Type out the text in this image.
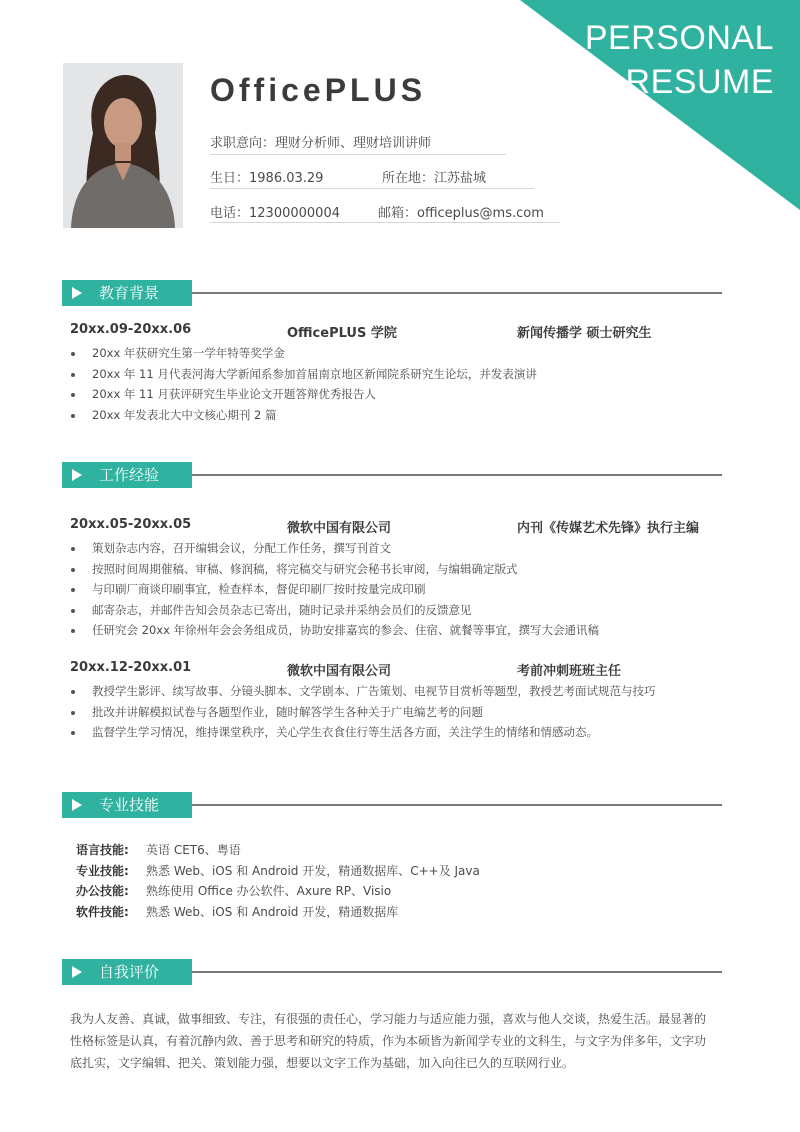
PERSONAL
RESUME
OfficePLUS
求职意向：理财分析师、理财培训讲师
生日：1986.03.29	所在地：江苏盐城
电话：12300000004	邮箱：officeplus@ms.com
教育背景
20xx.09-20xx.06	OfficePLUS 学院	新闻传播学 硕士研究生
20xx 年获研究生第一学年特等奖学金
20xx 年 11 月代表河海大学新闻系参加首届南京地区新闻院系研究生论坛，并发表演讲
20xx 年 11 月获评研究生毕业论文开题答辩优秀报告人
20xx 年发表北大中文核心期刊 2 篇
工作经验
20xx.05-20xx.05	微软中国有限公司	内刊《传媒艺术先锋》执行主编
策划杂志内容，召开编辑会议，分配工作任务，撰写刊首文
按照时间周期催稿、审稿、修润稿，将完稿交与研究会秘书长审阅，与编辑确定版式
与印刷厂商谈印刷事宜，检查样本，督促印刷厂按时按量完成印刷
邮寄杂志，并邮件告知会员杂志已寄出，随时记录并采纳会员们的反馈意见
任研究会 20xx 年徐州年会会务组成员，协助安排嘉宾的参会、住宿、就餐等事宜，撰写大会通讯稿
20xx.12-20xx.01	微软中国有限公司	考前冲刺班班主任
教授学生影评、续写故事、分镜头脚本、文学剧本、广告策划、电视节目赏析等题型，教授艺考面试规范与技巧
批改并讲解模拟试卷与各题型作业，随时解答学生各种关于广电编艺考的问题
监督学生学习情况，维持课堂秩序，关心学生衣食住行等生活各方面，关注学生的情绪和情感动态。
专业技能
语言技能: 英语 CET6、粤语
专业技能: 熟悉 Web、iOS 和 Android 开发，精通数据库、C++及 Java
办公技能: 熟练使用 Office 办公软件、Axure RP、Visio
软件技能: 熟悉 Web、iOS 和 Android 开发，精通数据库
自我评价

我为人友善、真诚，做事细致、专注，有很强的责任心，学习能力与适应能力强，喜欢与他人交谈，热爱生活。最显著的性格标签是认真，有着沉静内敛、善于思考和研究的特质，作为本硕皆为新闻学专业的文科生，与文字为伴多年，文字功底扎实，文字编辑、把关、策划能力强，想要以文字工作为基础，加入向往已久的互联网行业。
